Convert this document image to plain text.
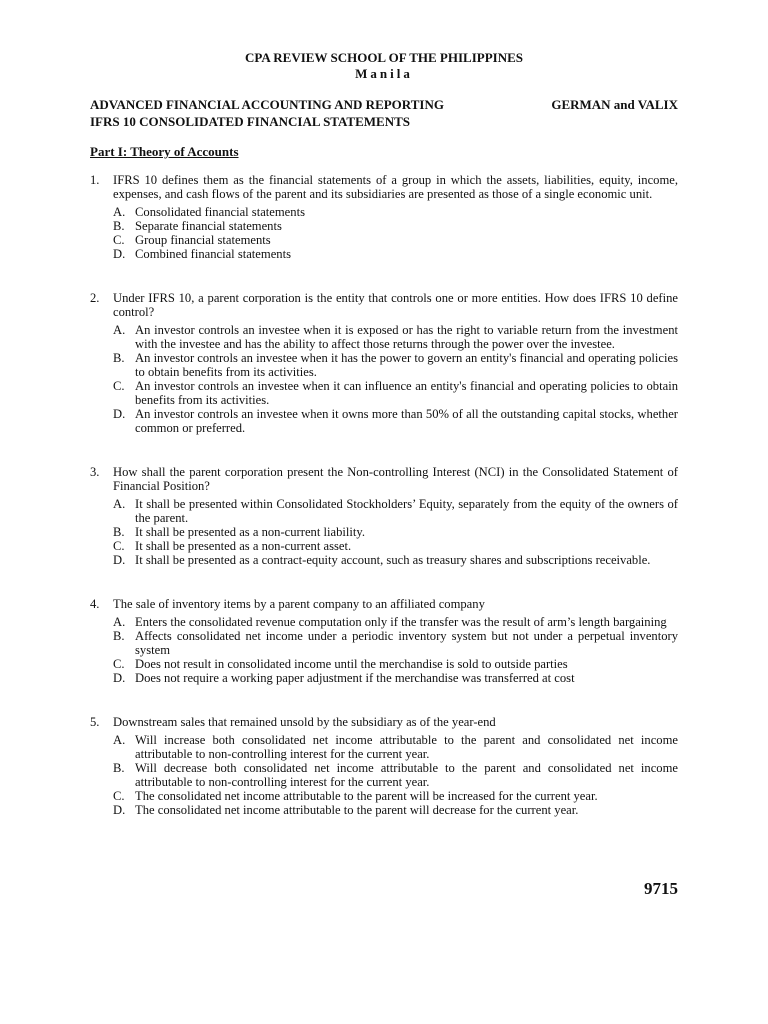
CPA REVIEW SCHOOL OF THE PHILIPPINES
Manila
ADVANCED FINANCIAL ACCOUNTING AND REPORTING	GERMAN and VALIX
IFRS 10 CONSOLIDATED FINANCIAL STATEMENTS
Part I: Theory of Accounts
1.	IFRS 10 defines them as the financial statements of a group in which the assets, liabilities, equity, income, expenses, and cash flows of the parent and its subsidiaries are presented as those of a single economic unit.
A. Consolidated financial statements
B. Separate financial statements
C. Group financial statements
D. Combined financial statements
2.	Under IFRS 10, a parent corporation is the entity that controls one or more entities. How does IFRS 10 define control?
A. An investor controls an investee when it is exposed or has the right to variable return from the investment with the investee and has the ability to affect those returns through the power over the investee.
B. An investor controls an investee when it has the power to govern an entity's financial and operating policies to obtain benefits from its activities.
C. An investor controls an investee when it can influence an entity's financial and operating policies to obtain benefits from its activities.
D. An investor controls an investee when it owns more than 50% of all the outstanding capital stocks, whether common or preferred.
3.	How shall the parent corporation present the Non-controlling Interest (NCI) in the Consolidated Statement of Financial Position?
A. It shall be presented within Consolidated Stockholders’ Equity, separately from the equity of the owners of the parent.
B. It shall be presented as a non-current liability.
C. It shall be presented as a non-current asset.
D. It shall be presented as a contract-equity account, such as treasury shares and subscriptions receivable.
4.	The sale of inventory items by a parent company to an affiliated company
A. Enters the consolidated revenue computation only if the transfer was the result of arm’s length bargaining
B. Affects consolidated net income under a periodic inventory system but not under a perpetual inventory system
C. Does not result in consolidated income until the merchandise is sold to outside parties
D. Does not require a working paper adjustment if the merchandise was transferred at cost
5.	Downstream sales that remained unsold by the subsidiary as of the year-end
A. Will increase both consolidated net income attributable to the parent and consolidated net income attributable to non-controlling interest for the current year.
B. Will decrease both consolidated net income attributable to the parent and consolidated net income attributable to non-controlling interest for the current year.
C. The consolidated net income attributable to the parent will be increased for the current year.
D. The consolidated net income attributable to the parent will decrease for the current year.
9715
